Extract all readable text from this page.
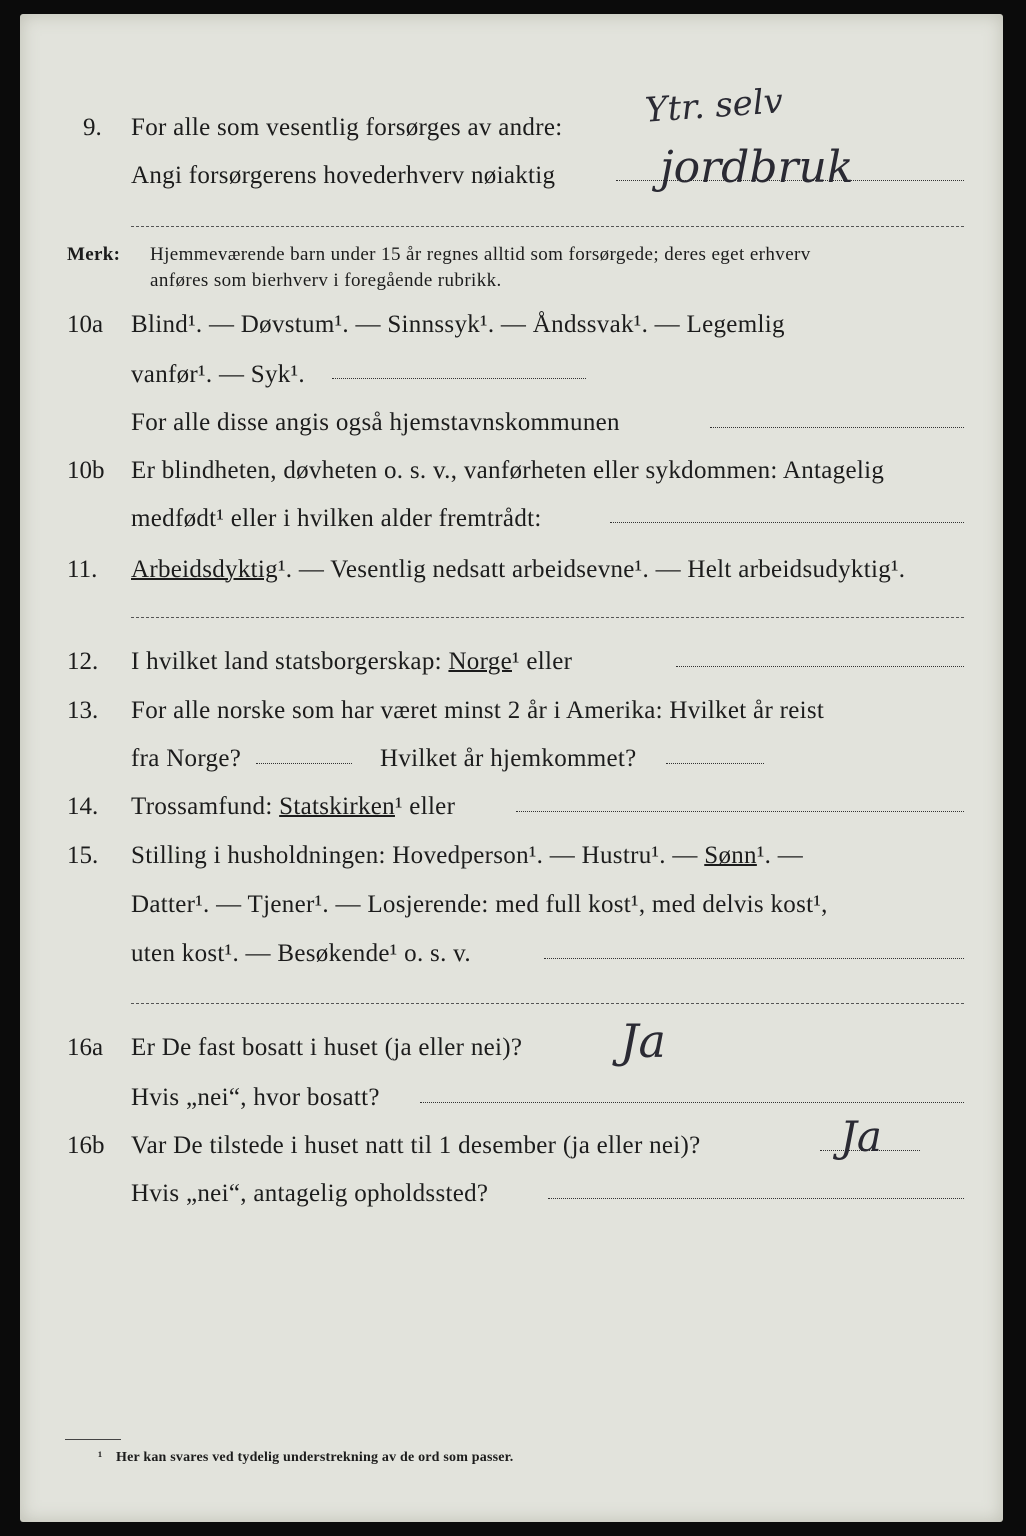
9. For alle som vesentlig forsørges av andre: Ytr. selv
Angi forsørgerens hovederhverv nøiaktig jordbruk
Merk: Hjemmeværende barn under 15 år regnes alltid som forsørgede; deres eget erhverv
anføres som bierhverv i foregående rubrikk.
10a Blind¹. — Døvstum¹. — Sinnssyk¹. — Åndssvak¹. — Legemlig
vanfør¹. — Syk¹.
For alle disse angis også hjemstavnskommunen
10b Er blindheten, døvheten o. s. v., vanførheten eller sykdommen: Antagelig
medfødt¹ eller i hvilken alder fremtrådt:
11. Arbeidsdyktig¹. — Vesentlig nedsatt arbeidsevne¹. — Helt arbeidsudyktig¹.
12. I hvilket land statsborgerskap: Norge¹ eller
13. For alle norske som har været minst 2 år i Amerika: Hvilket år reist
fra Norge?	Hvilket år hjemkommet?
14. Trossamfund: Statskirken¹ eller
15. Stilling i husholdningen: Hovedperson¹. — Hustru¹. — Sønn¹. —
Datter¹. — Tjener¹. — Losjerende: med full kost¹, med delvis kost¹,
uten kost¹. — Besøkende¹ o. s. v.
16a Er De fast bosatt i huset (ja eller nei)? Ja
Hvis „nei“, hvor bosatt?
16b Var De tilstede i huset natt til 1 desember (ja eller nei)?	Ja
Hvis „nei“, antagelig opholdssted?
¹ Her kan svares ved tydelig understrekning av de ord som passer.
